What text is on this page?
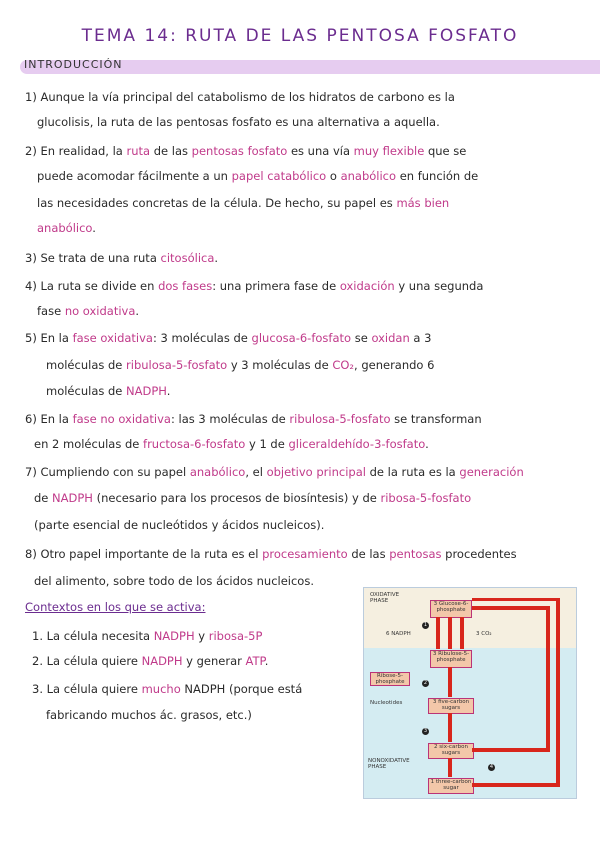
TEMA 14: RUTA DE LAS PENTOSA FOSFATO
INTRODUCCIÓN
1) Aunque la vía principal del catabolismo de los hidratos de carbono es la
glucolisis, la ruta de las pentosas fosfato es una alternativa a aquella.
2) En realidad, la ruta de las pentosas fosfato es una vía muy flexible que se
puede acomodar fácilmente a un papel catabólico o anabólico en función de
las necesidades concretas de la célula. De hecho, su papel es más bien
anabólico.
3) Se trata de una ruta citosólica.
4) La ruta se divide en dos fases: una primera fase de oxidación y una segunda
fase no oxidativa.
5) En la fase oxidativa: 3 moléculas de glucosa-6-fosfato se oxidan a 3
moléculas de ribulosa-5-fosfato y 3 moléculas de CO₂, generando 6
moléculas de NADPH.
6) En la fase no oxidativa: las 3 moléculas de ribulosa-5-fosfato se transforman
en 2 moléculas de fructosa-6-fosfato y 1 de gliceraldehído-3-fosfato.
7) Cumpliendo con su papel anabólico, el objetivo principal de la ruta es la generación
de NADPH (necesario para los procesos de biosíntesis) y de ribosa-5-fosfato
(parte esencial de nucleótidos y ácidos nucleicos).
8) Otro papel importante de la ruta es el procesamiento de las pentosas procedentes
del alimento, sobre todo de los ácidos nucleicos.
Contextos en los que se activa:
1. La célula necesita NADPH y ribosa-5P
2. La célula quiere NADPH y generar ATP.
3. La célula quiere mucho NADPH (porque está
fabricando muchos ác. grasos, etc.)
OXIDATIVE PHASE	3 Glucose-6-phosphate
6 NADPH	3 CO₂
3 Ribulose-5-phosphate
Ribose-5-phosphate
Nucleotides	3 five-carbon sugars
2 six-carbon sugars
NONOXIDATIVE PHASE
1 three-carbon sugar
1
2
3
4
